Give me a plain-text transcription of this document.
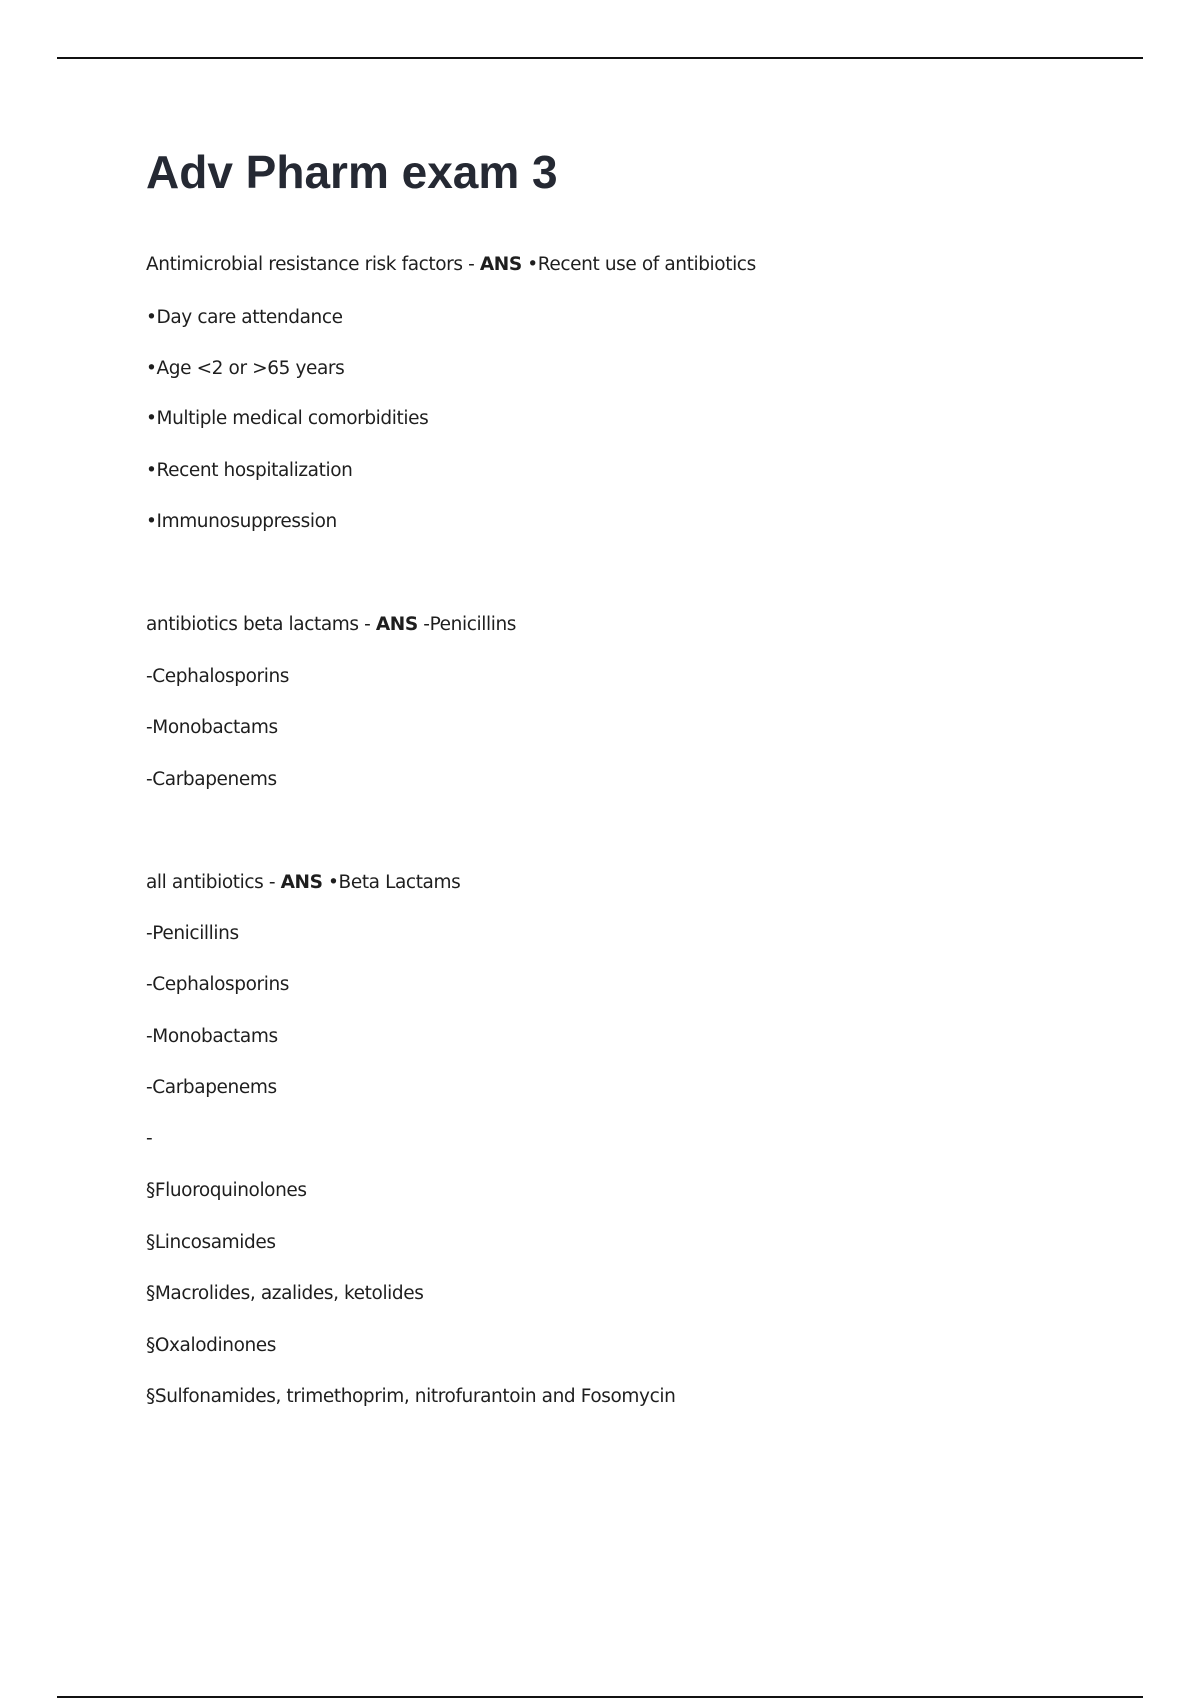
Adv Pharm exam 3
Antimicrobial resistance risk factors - ANS •Recent use of antibiotics
•Day care attendance
•Age <2 or >65 years
•Multiple medical comorbidities
•Recent hospitalization
•Immunosuppression
antibiotics beta lactams - ANS -Penicillins
-Cephalosporins
-Monobactams
-Carbapenems
all antibiotics - ANS •Beta Lactams
-Penicillins
-Cephalosporins
-Monobactams
-Carbapenems
-
§Fluoroquinolones
§Lincosamides
§Macrolides, azalides, ketolides
§Oxalodinones
§Sulfonamides, trimethoprim, nitrofurantoin and Fosomycin
